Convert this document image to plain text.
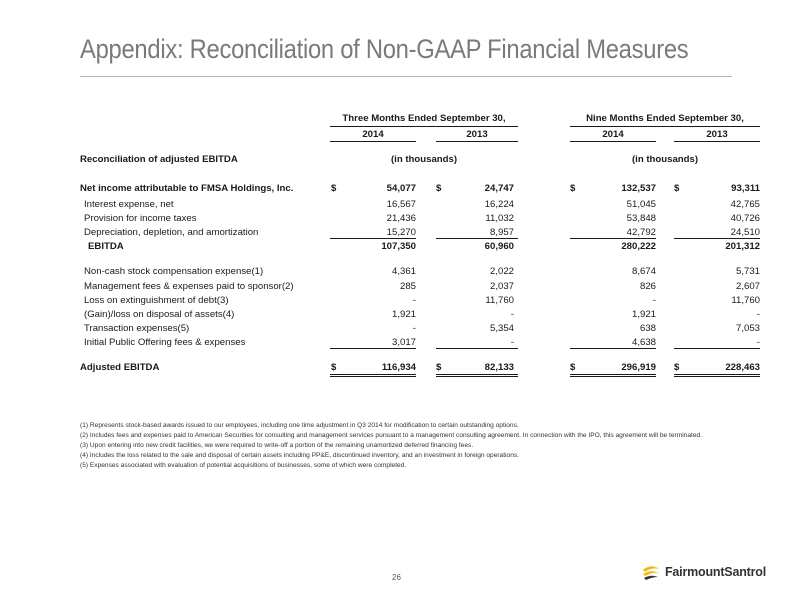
Appendix: Reconciliation of Non-GAAP Financial Measures
Three Months Ended September 30,	Nine Months Ended September 30,
2014	2013	2014	2013
Reconciliation of adjusted EBITDA	(in thousands)	(in thousands)
Net income attributable to FMSA Holdings, Inc.	$	54,077 $	24,747	$	132,537 $	93,311
Interest expense, net	16,567	16,224	51,045	42,765
Provision for income taxes	21,436	11,032	53,848	40,726
Depreciation, depletion, and amortization	15,270	8,957	42,792	24,510
EBITDA	107,350	60,960	280,222	201,312
Non-cash stock compensation expense(1)	4,361	2,022	8,674	5,731
Management fees & expenses paid to sponsor(2)	285	2,037	826	2,607
Loss on extinguishment of debt(3)	-	11,760	-	11,760
(Gain)/loss on disposal of assets(4)	1,921	-	1,921	-
Transaction expenses(5)	-	5,354	638	7,053
Initial Public Offering fees & expenses	3,017	-	4,638	-
Adjusted EBITDA	$	116,934 $	82,133	$	296,919 $	228,463
(1) Represents stock-based awards issued to our employees, including one time adjustment in Q3 2014 for modification to certain outstanding options.
(2) Includes fees and expenses paid to American Securities for consulting and management services pursuant to a management consulting agreement. In connection with the IPO, this agreement will be terminated.
(3) Upon entering into new credit facilities, we were required to write-off a portion of the remaining unamortized deferred financing fees.
(4) Includes the loss related to the sale and disposal of certain assets including PP&E, discontinued inventory, and an investment in foreign operations.
(5) Expenses associated with evaluation of potential acquisitions of businesses, some of which were completed.
26	FairmountSantrol
